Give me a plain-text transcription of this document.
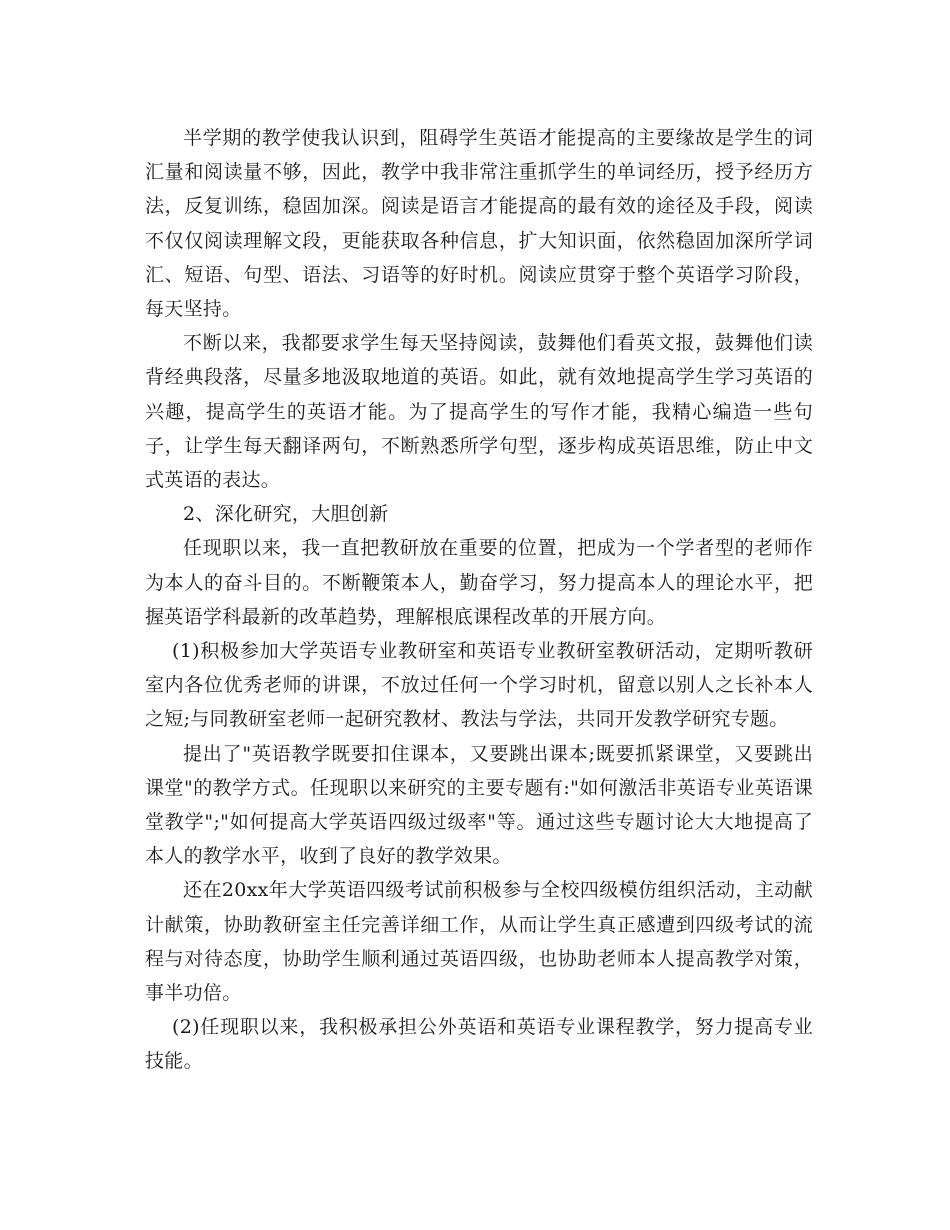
半学期的教学使我认识到，阻碍学生英语才能提高的主要缘故是学生的词汇量和阅读量不够，因此，教学中我非常注重抓学生的单词经历，授予经历方法，反复训练，稳固加深。阅读是语言才能提高的最有效的途径及手段，阅读不仅仅阅读理解文段，更能获取各种信息，扩大知识面，依然稳固加深所学词汇、短语、句型、语法、习语等的好时机。阅读应贯穿于整个英语学习阶段，每天坚持。

不断以来，我都要求学生每天坚持阅读，鼓舞他们看英文报，鼓舞他们读背经典段落，尽量多地汲取地道的英语。如此，就有效地提高学生学习英语的兴趣，提高学生的英语才能。为了提高学生的写作才能，我精心编造一些句子，让学生每天翻译两句，不断熟悉所学句型，逐步构成英语思维，防止中文式英语的表达。

2、深化研究，大胆创新

任现职以来，我一直把教研放在重要的位置，把成为一个学者型的老师作为本人的奋斗目的。不断鞭策本人，勤奋学习，努力提高本人的理论水平，把握英语学科最新的改革趋势，理解根底课程改革的开展方向。

(1)积极参加大学英语专业教研室和英语专业教研室教研活动，定期听教研室内各位优秀老师的讲课，不放过任何一个学习时机，留意以别人之长补本人之短;与同教研室老师一起研究教材、教法与学法，共同开发教学研究专题。

提出了"英语教学既要扣住课本，又要跳出课本;既要抓紧课堂，又要跳出课堂"的教学方式。任现职以来研究的主要专题有:"如何激活非英语专业英语课堂教学";"如何提高大学英语四级过级率"等。通过这些专题讨论大大地提高了本人的教学水平，收到了良好的教学效果。

还在20xx年大学英语四级考试前积极参与全校四级模仿组织活动，主动献计献策，协助教研室主任完善详细工作，从而让学生真正感遭到四级考试的流程与对待态度，协助学生顺利通过英语四级，也协助老师本人提高教学对策，事半功倍。

(2)任现职以来，我积极承担公外英语和英语专业课程教学，努力提高专业技能。
